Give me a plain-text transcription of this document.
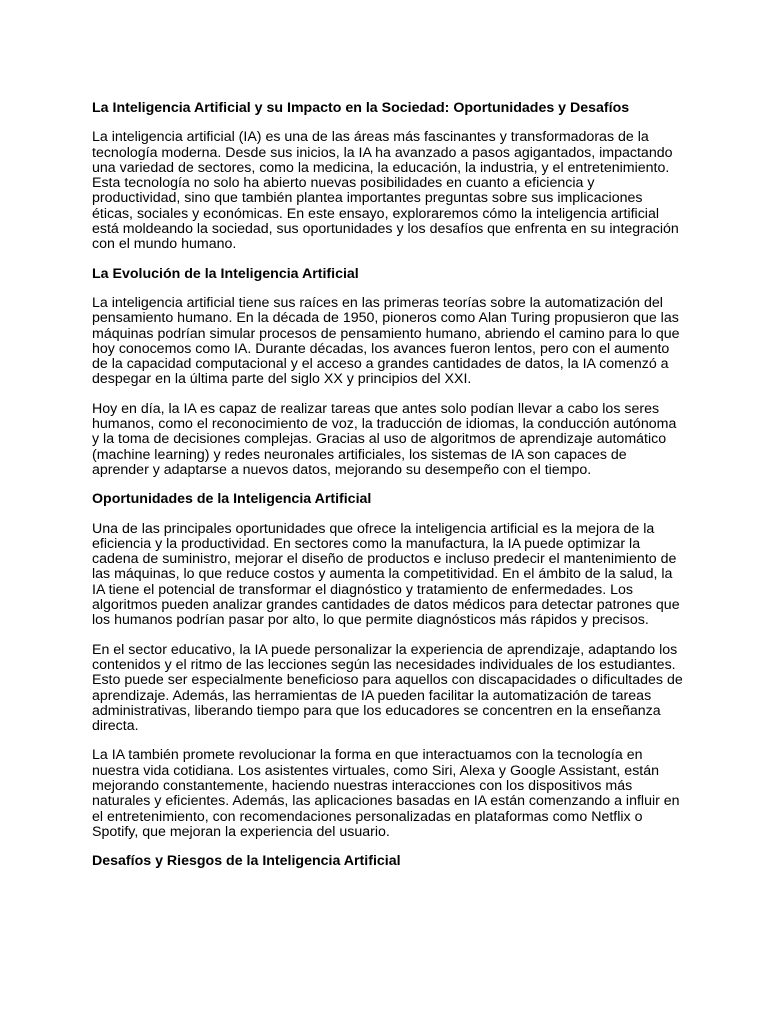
La Inteligencia Artificial y su Impacto en la Sociedad: Oportunidades y Desafíos

La inteligencia artificial (IA) es una de las áreas más fascinantes y transformadoras de la tecnología moderna. Desde sus inicios, la IA ha avanzado a pasos agigantados, impactando una variedad de sectores, como la medicina, la educación, la industria, y el entretenimiento. Esta tecnología no solo ha abierto nuevas posibilidades en cuanto a eficiencia y productividad, sino que también plantea importantes preguntas sobre sus implicaciones éticas, sociales y económicas. En este ensayo, exploraremos cómo la inteligencia artificial está moldeando la sociedad, sus oportunidades y los desafíos que enfrenta en su integración con el mundo humano.

La Evolución de la Inteligencia Artificial

La inteligencia artificial tiene sus raíces en las primeras teorías sobre la automatización del pensamiento humano. En la década de 1950, pioneros como Alan Turing propusieron que las máquinas podrían simular procesos de pensamiento humano, abriendo el camino para lo que hoy conocemos como IA. Durante décadas, los avances fueron lentos, pero con el aumento de la capacidad computacional y el acceso a grandes cantidades de datos, la IA comenzó a despegar en la última parte del siglo XX y principios del XXI.

Hoy en día, la IA es capaz de realizar tareas que antes solo podían llevar a cabo los seres humanos, como el reconocimiento de voz, la traducción de idiomas, la conducción autónoma y la toma de decisiones complejas. Gracias al uso de algoritmos de aprendizaje automático (machine learning) y redes neuronales artificiales, los sistemas de IA son capaces de aprender y adaptarse a nuevos datos, mejorando su desempeño con el tiempo.

Oportunidades de la Inteligencia Artificial

Una de las principales oportunidades que ofrece la inteligencia artificial es la mejora de la eficiencia y la productividad. En sectores como la manufactura, la IA puede optimizar la cadena de suministro, mejorar el diseño de productos e incluso predecir el mantenimiento de las máquinas, lo que reduce costos y aumenta la competitividad. En el ámbito de la salud, la IA tiene el potencial de transformar el diagnóstico y tratamiento de enfermedades. Los algoritmos pueden analizar grandes cantidades de datos médicos para detectar patrones que los humanos podrían pasar por alto, lo que permite diagnósticos más rápidos y precisos.

En el sector educativo, la IA puede personalizar la experiencia de aprendizaje, adaptando los contenidos y el ritmo de las lecciones según las necesidades individuales de los estudiantes. Esto puede ser especialmente beneficioso para aquellos con discapacidades o dificultades de aprendizaje. Además, las herramientas de IA pueden facilitar la automatización de tareas administrativas, liberando tiempo para que los educadores se concentren en la enseñanza directa.

La IA también promete revolucionar la forma en que interactuamos con la tecnología en nuestra vida cotidiana. Los asistentes virtuales, como Siri, Alexa y Google Assistant, están mejorando constantemente, haciendo nuestras interacciones con los dispositivos más naturales y eficientes. Además, las aplicaciones basadas en IA están comenzando a influir en el entretenimiento, con recomendaciones personalizadas en plataformas como Netflix o Spotify, que mejoran la experiencia del usuario.

Desafíos y Riesgos de la Inteligencia Artificial
